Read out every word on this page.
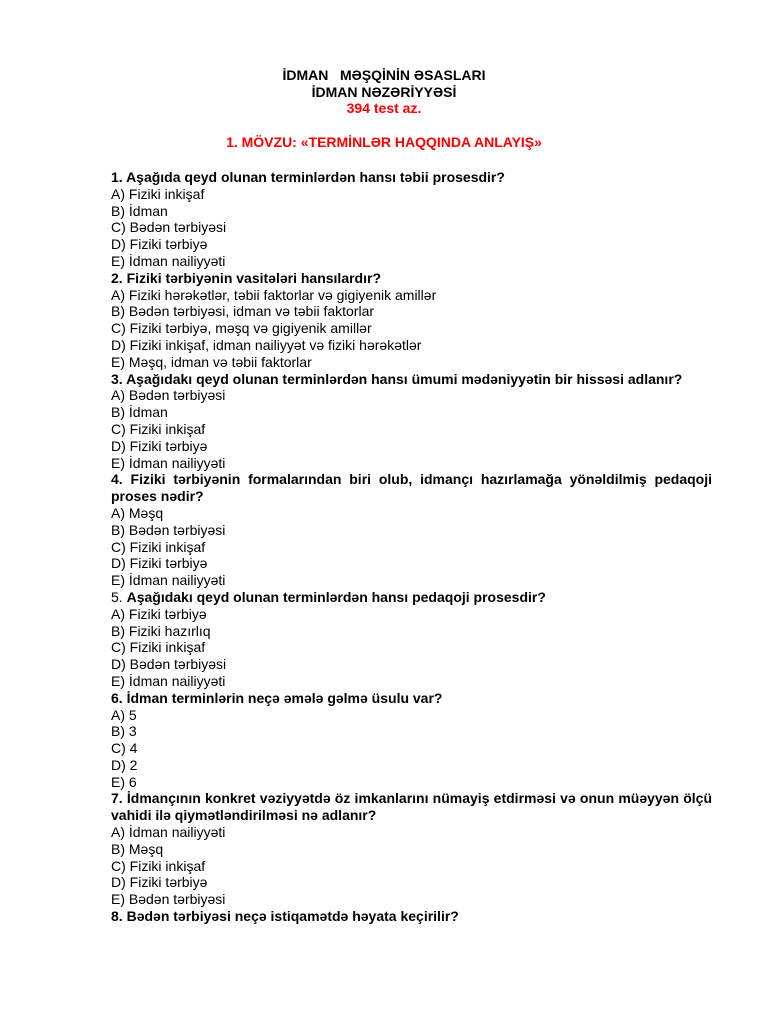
İDMAN   MƏŞQİNİN ƏSASLARI
İDMAN NƏZƏRİYYƏSİ
394 test az.
1. MÖVZU: «TERMİNLƏR HAQQINDA ANLAYIŞ»
1. Aşağıda qeyd olunan terminlərdən hansı təbii prosesdir?
A) Fiziki inkişaf
B) İdman
C) Bədən tərbiyəsi
D) Fiziki tərbiyə
E) İdman nailiyyəti
2. Fiziki tərbiyənin vasitələri hansılardır?
A) Fiziki hərəkətlər, təbii faktorlar və gigiyenik amillər
B) Bədən tərbiyəsi, idman və təbii faktorlar
C) Fiziki tərbiyə, məşq və gigiyenik amillər
D) Fiziki inkişaf, idman nailiyyət və fiziki hərəkətlər
E) Məşq, idman və təbii faktorlar
3. Aşağıdakı qeyd olunan terminlərdən hansı ümumi mədəniyyətin bir hissəsi adlanır?
A) Bədən tərbiyəsi
B) İdman
C) Fiziki inkişaf
D) Fiziki tərbiyə
E) İdman nailiyyəti
4. Fiziki tərbiyənin formalarından biri olub, idmançı hazırlamağa yönəldilmiş pedaqoji proses nədir?
A) Məşq
B) Bədən tərbiyəsi
C) Fiziki inkişaf
D) Fiziki tərbiyə
E) İdman nailiyyəti
5. Aşağıdakı qeyd olunan terminlərdən hansı pedaqoji prosesdir?
A) Fiziki tərbiyə
B) Fiziki hazırlıq
C) Fiziki inkişaf
D) Bədən tərbiyəsi
E) İdman nailiyyəti
6. İdman terminlərin neçə əmələ gəlmə üsulu var?
A) 5
B) 3
C) 4
D) 2
E) 6
7. İdmançının konkret vəziyyətdə öz imkanlarını nümayiş etdirməsi və onun müəyyən ölçü vahidi ilə qiymətləndirilməsi nə adlanır?
A) İdman nailiyyəti
B) Məşq
C) Fiziki inkişaf
D) Fiziki tərbiyə
E) Bədən tərbiyəsi
8. Bədən tərbiyəsi neçə istiqamətdə həyata keçirilir?
